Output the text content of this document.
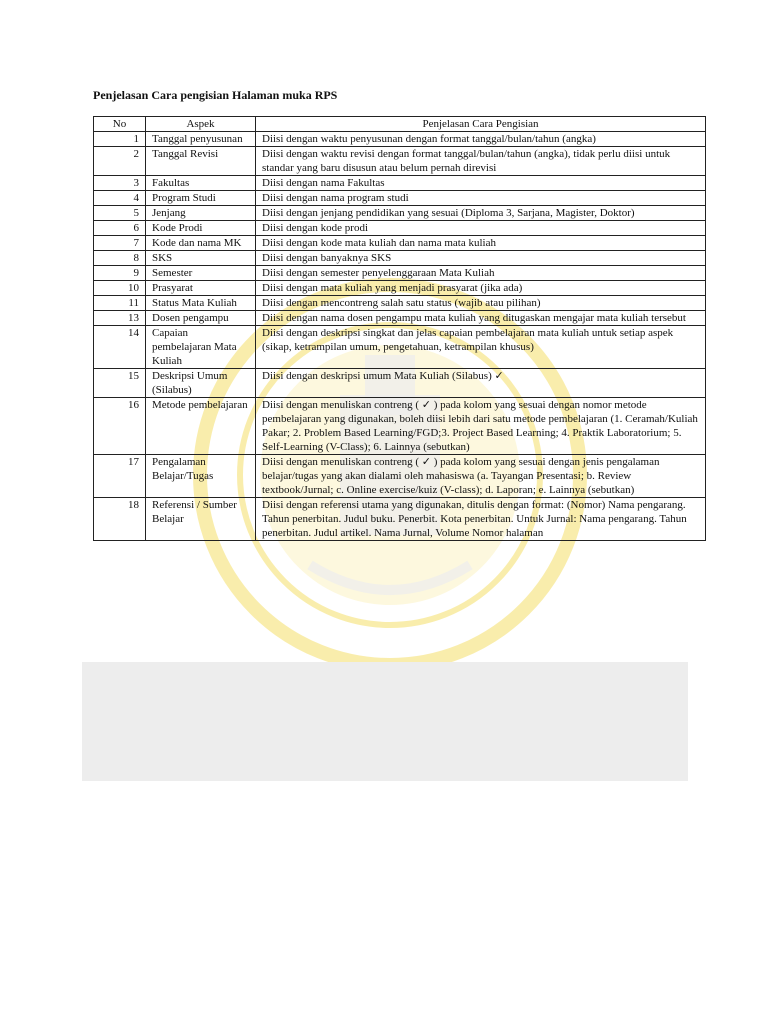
Penjelasan Cara pengisian Halaman muka RPS
No	Aspek	Penjelasan Cara Pengisian
1	Tanggal penyusunan	Diisi dengan waktu penyusunan dengan format tanggal/bulan/tahun (angka)
2	Tanggal Revisi	Diisi dengan waktu revisi dengan format tanggal/bulan/tahun (angka), tidak perlu diisi untuk standar yang baru disusun atau belum pernah direvisi
3	Fakultas	Diisi dengan nama Fakultas
4	Program Studi	Diisi dengan nama program studi
5	Jenjang	Diisi dengan jenjang pendidikan yang sesuai (Diploma 3, Sarjana, Magister, Doktor)
6	Kode Prodi	Diisi dengan kode prodi
7	Kode dan nama MK	Diisi dengan kode mata kuliah dan nama mata kuliah
8	SKS	Diisi dengan banyaknya SKS
9	Semester	Diisi dengan semester penyelenggaraan Mata Kuliah
10	Prasyarat	Diisi dengan mata kuliah yang menjadi prasyarat (jika ada)
11	Status Mata Kuliah	Diisi dengan mencontreng salah satu status (wajib atau pilihan)
13	Dosen pengampu	Diisi dengan nama dosen pengampu mata kuliah yang ditugaskan mengajar mata kuliah tersebut
14	Capaian pembelajaran Mata Kuliah	Diisi dengan deskripsi singkat dan jelas capaian pembelajaran mata kuliah untuk setiap aspek (sikap, ketrampilan umum, pengetahuan, ketrampilan khusus)
15	Deskripsi Umum (Silabus)	Diisi dengan deskripsi umum Mata Kuliah (Silabus) ✓
16	Metode pembelajaran	Diisi dengan menuliskan contreng ( ✓ ) pada kolom yang sesuai dengan nomor metode pembelajaran yang digunakan, boleh diisi lebih dari satu metode pembelajaran (1. Ceramah/Kuliah Pakar; 2. Problem Based Learning/FGD;3. Project Based Learning; 4. Praktik Laboratorium; 5. Self-Learning (V-Class); 6. Lainnya (sebutkan)
17	Pengalaman Belajar/Tugas	Diisi dengan menuliskan contreng ( ✓ ) pada kolom yang sesuai dengan jenis pengalaman belajar/tugas yang akan dialami oleh mahasiswa (a. Tayangan Presentasi; b. Review textbook/Jurnal; c. Online exercise/kuiz (V-class); d. Laporan; e. Lainnya (sebutkan)
18	Referensi / Sumber Belajar	Diisi dengan referensi utama yang digunakan, ditulis dengan format: (Nomor) Nama pengarang. Tahun penerbitan. Judul buku. Penerbit. Kota penerbitan. Untuk Jurnal: Nama pengarang. Tahun penerbitan. Judul artikel. Nama Jurnal, Volume Nomor halaman
